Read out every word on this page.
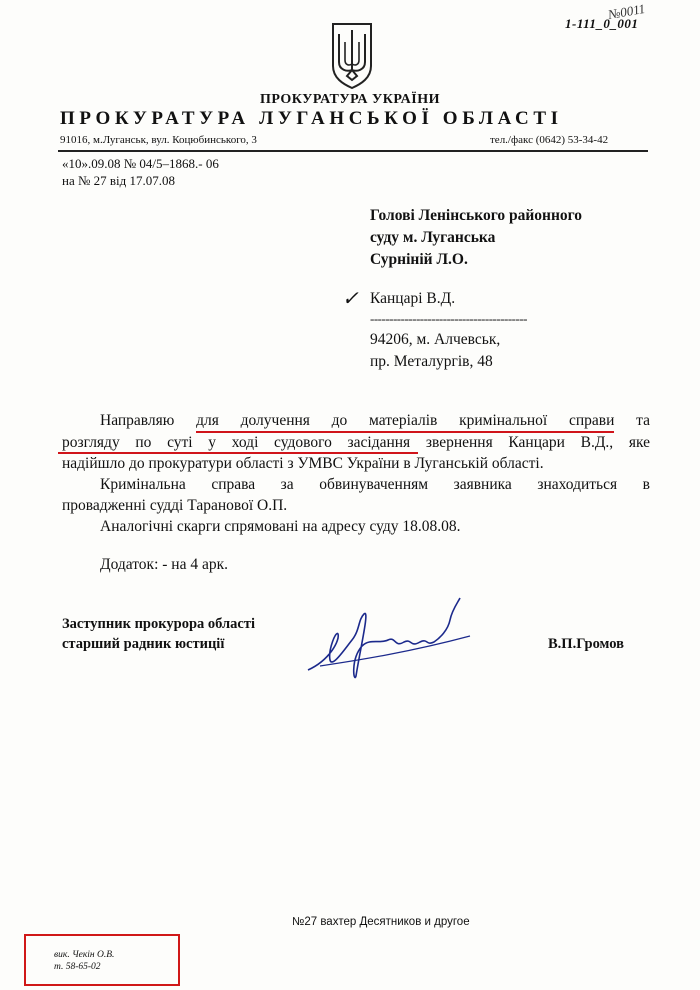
1-111_0_001
№0011
ПРОКУРАТУРА УКРАЇНИ
ПРОКУРАТУРА ЛУГАНСЬКОЇ ОБЛАСТІ
91016, м.Луганськ, вул. Коцюбинського, 3	тел./факс (0642) 53-34-42
«10».09.08 № 04/5–1868.- 06
на № 27 від 17.07.08
Голові Ленінського районного
суду м. Луганська
Сурніній Л.О.
✓ Канцарі В.Д.
-----------------------------------------
94206, м. Алчевськ,
пр. Металургів, 48
Направляю для долучення до матеріалів кримінальної справи та
розгляду по суті у ході судового засідання звернення Канцари В.Д., яке
надійшло до прокуратури області з УМВС України в Луганській області.
Кримінальна справа за обвинуваченням заявника знаходиться в
провадженні судді Таранової О.П.
Аналогічні скарги спрямовані на адресу суду 18.08.08.
Додаток: - на 4 арк.
Заступник прокурора області
старший радник юстиції	В.П.Громов
№27 вахтер Десятников и другое
вик. Чекін О.В.
т. 58-65-02
